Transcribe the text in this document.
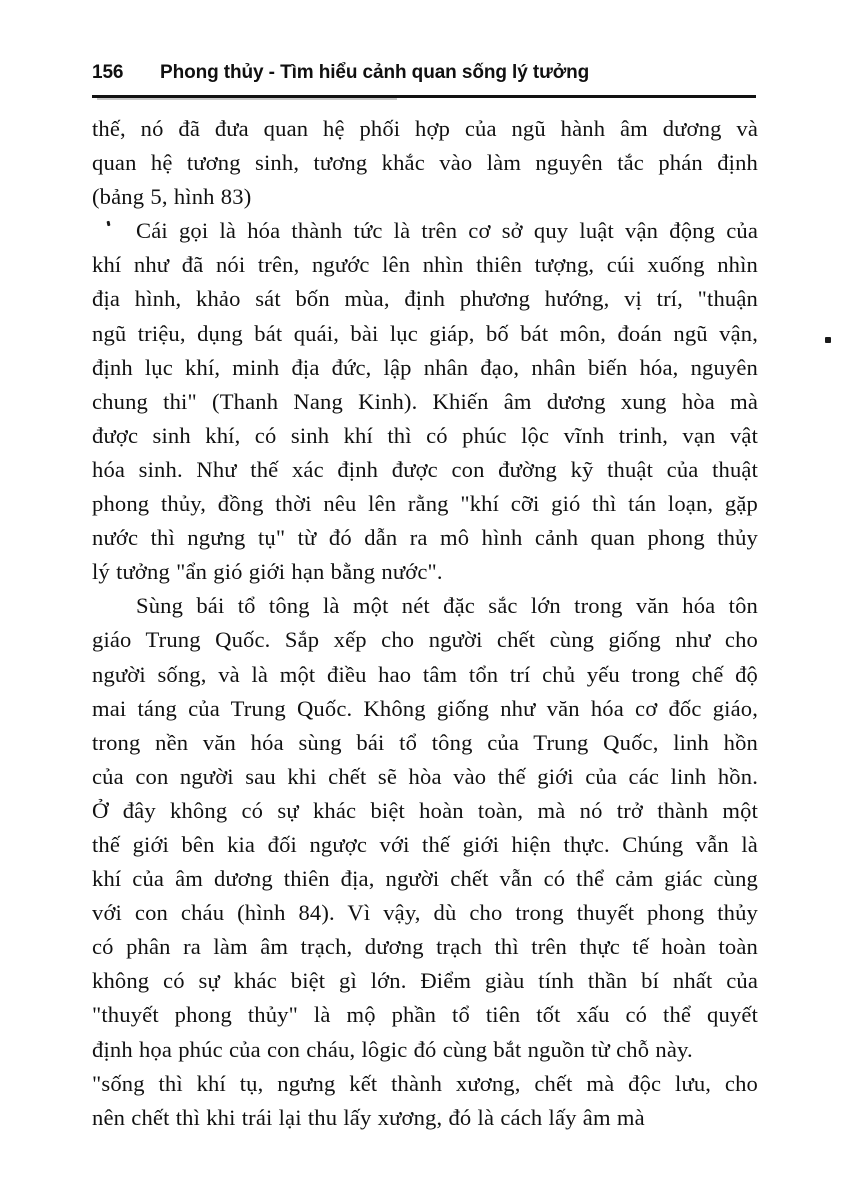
156	Phong thủy - Tìm hiểu cảnh quan sống lý tưởng

thế, nó đã đưa quan hệ phối hợp của ngũ hành âm dương và
quan hệ tương sinh, tương khắc vào làm nguyên tắc phán định
(bảng 5, hình 83)

Cái gọi là hóa thành tức là trên cơ sở quy luật vận động của
khí như đã nói trên, ngước lên nhìn thiên tượng, cúi xuống nhìn
địa hình, khảo sát bốn mùa, định phương hướng, vị trí, "thuận
ngũ triệu, dụng bát quái, bài lục giáp, bố bát môn, đoán ngũ vận,
định lục khí, minh địa đức, lập nhân đạo, nhân biến hóa, nguyên
chung thi" (Thanh Nang Kinh). Khiến âm dương xung hòa mà
được sinh khí, có sinh khí thì có phúc lộc vĩnh trinh, vạn vật
hóa sinh. Như thế xác định được con đường kỹ thuật của thuật
phong thủy, đồng thời nêu lên rằng "khí cỡi gió thì tán loạn, gặp
nước thì ngưng tụ" từ đó dẫn ra mô hình cảnh quan phong thủy
lý tưởng "ẩn gió giới hạn bằng nước".

Sùng bái tổ tông là một nét đặc sắc lớn trong văn hóa tôn
giáo Trung Quốc. Sắp xếp cho người chết cùng giống như cho
người sống, và là một điều hao tâm tổn trí chủ yếu trong chế độ
mai táng của Trung Quốc. Không giống như văn hóa cơ đốc giáo,
trong nền văn hóa sùng bái tổ tông của Trung Quốc, linh hồn
của con người sau khi chết sẽ hòa vào thế giới của các linh hồn.
Ở đây không có sự khác biệt hoàn toàn, mà nó trở thành một
thế giới bên kia đối ngược với thế giới hiện thực. Chúng vẫn là
khí của âm dương thiên địa, người chết vẫn có thể cảm giác cùng
với con cháu (hình 84). Vì vậy, dù cho trong thuyết phong thủy
có phân ra làm âm trạch, dương trạch thì trên thực tế hoàn toàn
không có sự khác biệt gì lớn. Điểm giàu tính thần bí nhất của
"thuyết phong thủy" là mộ phần tổ tiên tốt xấu có thể quyết
định họa phúc của con cháu, lôgic đó cùng bắt nguồn từ chỗ này.

"sống thì khí tụ, ngưng kết thành xương, chết mà độc lưu, cho
nên chết thì khi trái lại thu lấy xương, đó là cách lấy âm mà
